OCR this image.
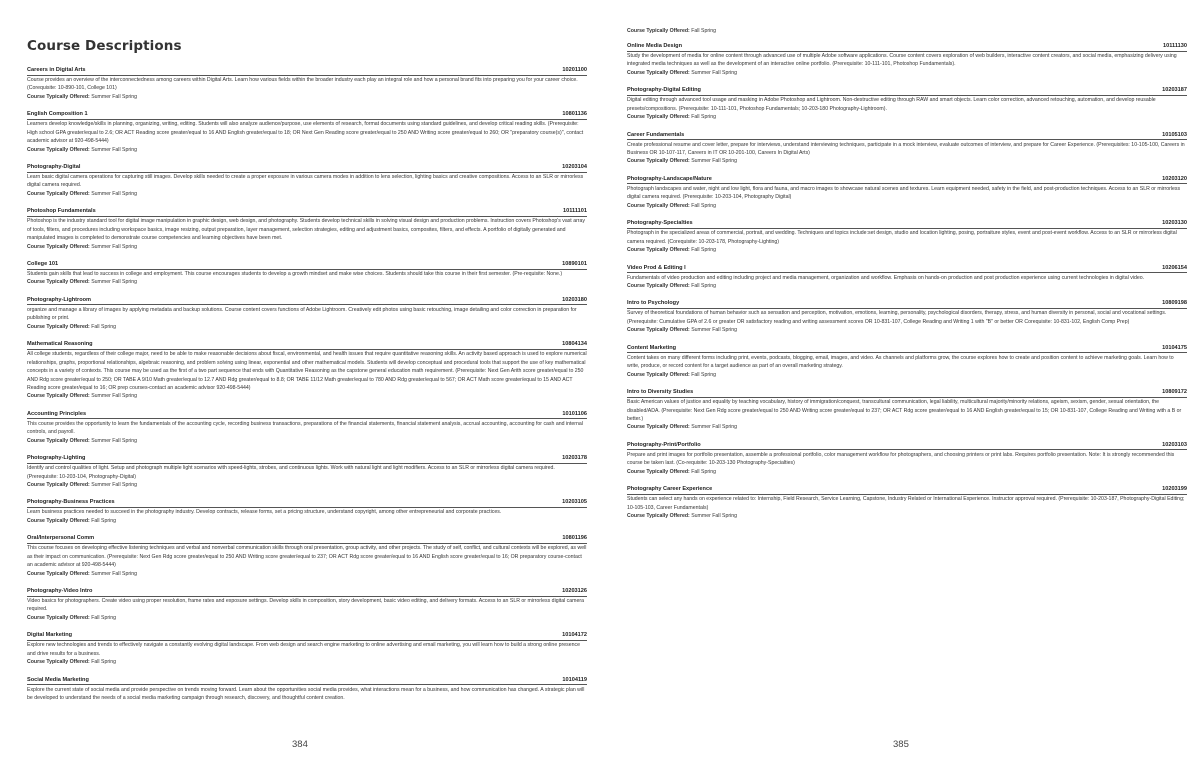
Course Descriptions
Careers in Digital Arts	10201100
Course provides an overview of the interconnectedness among careers within Digital Arts. Learn how various fields within the broader industry each play an integral role and how a personal brand fits into preparing you for your career choice. (Corequisite: 10-890-101, College 101)
Course Typically Offered: Summer Fall Spring
English Composition 1	10801136
Learners develop knowledge/skills in planning, organizing, writing, editing. Students will also analyze audience/purpose, use elements of research, format documents using standard guidelines, and develop critical reading skills. (Prerequisite: High school GPA greater/equal to 2.6; OR ACT Reading score greater/equal to 16 AND English greater/equal to 18; OR Next Gen Reading score greater/equal to 250 AND Writing score greater/equal to 260; OR "preparatory course(s)", contact academic advisor at 920-498-5444)
Course Typically Offered: Summer Fall Spring
Photography-Digital	10203104
Learn basic digital camera operations for capturing still images. Develop skills needed to create a proper exposure in various camera modes in addition to lens selection, lighting basics and creative compositions. Access to an SLR or mirrorless digital camera required.
Course Typically Offered: Summer Fall Spring
Photoshop Fundamentals	10111101
Photoshop is the industry standard tool for digital image manipulation in graphic design, web design, and photography. Students develop technical skills in solving visual design and production problems. Instruction covers Photoshop's vast array of tools, filters, and procedures including workspace basics, image resizing, output preparation, layer management, selection strategies, editing and adjustment basics, composites, filters, and effects. A portfolio of digitally generated and manipulated images is completed to demonstrate course competencies and learning objectives have been met.
Course Typically Offered: Summer Fall Spring
College 101	10890101
Students gain skills that lead to success in college and employment. This course encourages students to develop a growth mindset and make wise choices. Students should take this course in their first semester. (Pre-requisite: None.)
Course Typically Offered: Summer Fall Spring
Photography-Lightroom	10203180
organize and manage a library of images by applying metadata and backup solutions. Course content covers functions of Adobe Lightroom. Creatively edit photos using basic retouching, image detailing and color correction in preparation for publishing or print.
Course Typically Offered: Fall Spring
Mathematical Reasoning	10804134
All college students, regardless of their college major, need to be able to make reasonable decisions about fiscal, environmental, and health issues that require quantitative reasoning skills. An activity based approach is used to explore numerical relationships, graphs, proportional relationships, algebraic reasoning, and problem solving using linear, exponential and other mathematical models. Students will develop conceptual and procedural tools that support the use of key mathematical concepts in a variety of contexts. This course may be used as the first of a two part sequence that ends with Quantitative Reasoning as the capstone general education math requirement. (Prerequisite: Next Gen Arith score greater/equal to 250 AND Rdg score greater/equal to 250; OR TABE A 9/10 Math greater/equal to 12.7 AND Rdg greater/equal to 8.8; OR TABE 11/12 Math greater/equal to 780 AND Rdg greater/equal to 567; OR ACT Math score greater/equal to 15 AND ACT Reading score greater/equal to 16; OR prep courses-contact an academic advisor 920-498-5444)
Course Typically Offered: Summer Fall Spring
Accounting Principles	10101106
This course provides the opportunity to learn the fundamentals of the accounting cycle, recording business transactions, preparations of the financial statements, financial statement analysis, accrual accounting, accounting for cash and internal controls, and payroll.
Course Typically Offered: Summer Fall Spring
Photography-Lighting	10203178
Identify and control qualities of light. Setup and photograph multiple light scenarios with speed-lights, strobes, and continuous lights. Work with natural light and light modifiers. Access to an SLR or mirrorless digital camera required. (Prerequisite: 10-203-104, Photography-Digital)
Course Typically Offered: Summer Fall Spring
Photography-Business Practices	10203105
Learn business practices needed to succeed in the photography industry. Develop contracts, release forms, set a pricing structure, understand copyright, among other entrepreneurial and corporate practices.
Course Typically Offered: Fall Spring
Oral/Interpersonal Comm	10801196
This course focuses on developing effective listening techniques and verbal and nonverbal communication skills through oral presentation, group activity, and other projects. The study of self, conflict, and cultural contexts will be explored, as well as their impact on communication. (Prerequisite: Next Gen Rdg score greater/equal to 250 AND Writing score greater/equal to 237; OR ACT Rdg score greater/equal to 16 AND English score greater/equal to 16; OR preparatory course-contact an academic advisor at 920-498-5444)
Course Typically Offered: Summer Fall Spring
Photography-Video Intro	10203126
Video basics for photographers. Create video using proper resolution, frame rates and exposure settings. Develop skills in composition, story development, basic video editing, and delivery formats. Access to an SLR or mirrorless digital camera required.
Course Typically Offered: Fall Spring
Digital Marketing	10104172
Explore new technologies and trends to effectively navigate a constantly evolving digital landscape. From web design and search engine marketing to online advertising and email marketing, you will learn how to build a strong online presence and drive results for a business.
Course Typically Offered: Fall Spring
Social Media Marketing	10104119
Explore the current state of social media and provide perspective on trends moving forward. Learn about the opportunities social media provides, what interactions mean for a business, and how communication has changed. A strategic plan will be developed to understand the needs of a social media marketing campaign through research, discovery, and thoughtful content creation.
Course Typically Offered: Fall Spring
Online Media Design	10111130
Study the development of media for online content through advanced use of multiple Adobe software applications. Course content covers exploration of web builders, interactive content creators, and social media, emphasizing delivery using integrated media techniques as well as the development of an interactive online portfolio. (Prerequisite: 10-111-101, Photoshop Fundamentals).
Course Typically Offered: Summer Fall Spring
Photography-Digital Editing	10203187
Digital editing through advanced tool usage and masking in Adobe Photoshop and Lightroom. Non-destructive editing through RAW and smart objects. Learn color correction, advanced retouching, automation, and develop reusable presets/compositions. (Prerequisite: 10-111-101, Photoshop Fundamentals; 10-203-180 Photography-Lightroom).
Course Typically Offered: Fall Spring
Career Fundamentals	10105103
Create professional resume and cover letter, prepare for interviews, understand interviewing techniques, participate in a mock interview, evaluate outcomes of interview, and prepare for Career Experience. (Prerequisites: 10-105-100, Careers in Business OR 10-107-117, Careers in IT OR 10-201-100, Careers In Digital Arts)
Course Typically Offered: Summer Fall Spring
Photography-Landscape/Nature	10203120
Photograph landscapes and water, night and low light, flora and fauna, and macro images to showcase natural scenes and textures. Learn equipment needed, safety in the field, and post-production techniques. Access to an SLR or mirrorless digital camera required. (Prerequisite: 10-203-104, Photography Digital)
Course Typically Offered: Fall Spring
Photography-Specialties	10203130
Photograph in the specialized areas of commercial, portrait, and wedding. Techniques and topics include:set design, studio and location lighting, posing, portraiture styles, event and post-event workflow. Access to an SLR or mirrorless digital camera required. (Corequisite: 10-203-178, Photography-Lighting)
Course Typically Offered: Fall Spring
Video Prod & Editing I	10206154
Fundamentals of video production and editing including project and media management, organization and workflow. Emphasis on hands-on production and post production experience using current technologies in digital video.
Course Typically Offered: Fall Spring
Intro to Psychology	10809198
Survey of theoretical foundations of human behavior such as sensation and perception, motivation, emotions, learning, personality, psychological disorders, therapy, stress, and human diversity in personal, social and vocational settings. (Prerequisite: Cumulative GPA of 2.6 or greater OR satisfactory reading and writing assessment scores OR 10-831-107, College Reading and Writing 1 with "B" or better OR Corequisite: 10-831-102, English Comp Prep)
Course Typically Offered: Summer Fall Spring
Content Marketing	10104175
Content takes on many different forms including print, events, podcasts, blogging, email, images, and video. As channels and platforms grow, the course explores how to create and position content to achieve marketing goals. Learn how to write, produce, or record content for a target audience as part of an overall marketing strategy.
Course Typically Offered: Fall Spring
Intro to Diversity Studies	10809172
Basic American values of justice and equality by teaching vocabulary, history of immigration/conquest, transcultural communication, legal liability, multicultural majority/minority relations, ageism, sexism, gender, sexual orientation, the disabled/ADA. (Prerequisite: Next Gen Rdg score greater/equal to 250 AND Writing score greater/equal to 237; OR ACT Rdg score greater/equal to 16 AND English greater/equal to 15; OR 10-831-107, College Reading and Writing with a B or better.)
Course Typically Offered: Summer Fall Spring
Photography-Print/Portfolio	10203103
Prepare and print images for portfolio presentation, assemble a professional portfolio, color management workflow for photographers, and choosing printers or print labs. Requires portfolio presentation. Note: It is strongly recommended this course be taken last. (Co-requisite: 10-203-130 Photography-Specialties)
Course Typically Offered: Fall Spring
Photography Career Experience	10203199
Students can select any hands on experience related to: Internship, Field Research, Service Learning, Capstone, Industry Related or International Experience. Instructor approval required. (Prerequisite: 10-203-187, Photography-Digital Editing; 10-105-103, Career Fundamentals)
Course Typically Offered: Summer Fall Spring
384	385
